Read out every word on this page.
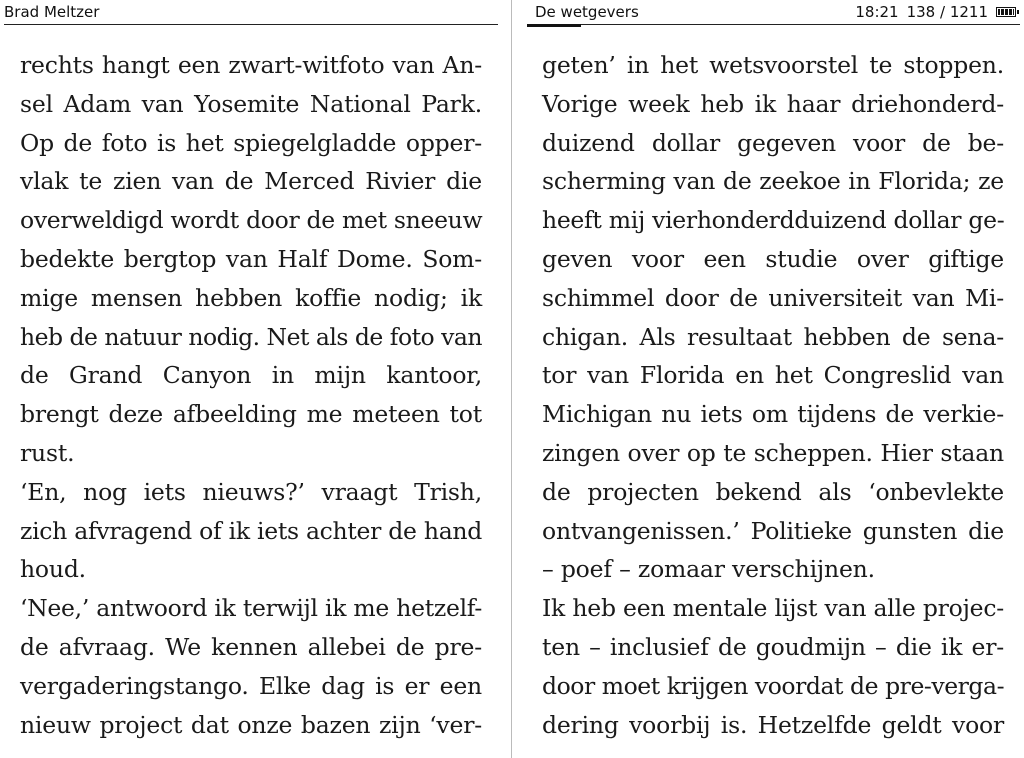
Brad Meltzer	De wetgevers	18:21 138 / 1211
rechts hangt een zwart-witfoto van An-
sel Adam van Yosemite National Park.
Op de foto is het spiegelgladde opper-
vlak te zien van de Merced Rivier die
overweldigd wordt door de met sneeuw
bedekte bergtop van Half Dome. Som-
mige mensen hebben koffie nodig; ik
heb de natuur nodig. Net als de foto van
de Grand Canyon in mijn kantoor,
brengt deze afbeelding me meteen tot
rust.
‘En, nog iets nieuws?’ vraagt Trish,
zich afvragend of ik iets achter de hand
houd.
‘Nee,’ antwoord ik terwijl ik me hetzelf-
de afvraag. We kennen allebei de pre-
vergaderingstango. Elke dag is er een
nieuw project dat onze bazen zijn ‘ver-
geten’ in het wetsvoorstel te stoppen.
Vorige week heb ik haar driehonderd-
duizend dollar gegeven voor de be-
scherming van de zeekoe in Florida; ze
heeft mij vierhonderdduizend dollar ge-
geven voor een studie over giftige
schimmel door de universiteit van Mi-
chigan. Als resultaat hebben de sena-
tor van Florida en het Congreslid van
Michigan nu iets om tijdens de verkie-
zingen over op te scheppen. Hier staan
de projecten bekend als ‘onbevlekte
ontvangenissen.’ Politieke gunsten die
– poef – zomaar verschijnen.
Ik heb een mentale lijst van alle projec-
ten – inclusief de goudmijn – die ik er-
door moet krijgen voordat de pre-verga-
dering voorbij is. Hetzelfde geldt voor
